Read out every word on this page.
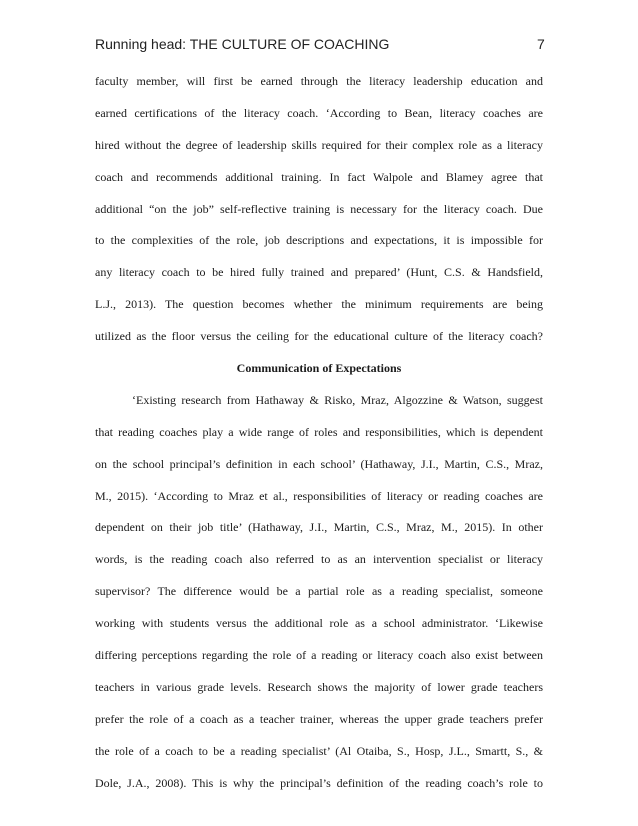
Running head: THE CULTURE OF COACHING	7
faculty member, will first be earned through the literacy leadership education and
earned certifications of the literacy coach. ‘According to Bean, literacy coaches are
hired without the degree of leadership skills required for their complex role as a literacy
coach and recommends additional training. In fact Walpole and Blamey agree that
additional “on the job” self-reflective training is necessary for the literacy coach. Due
to the complexities of the role, job descriptions and expectations, it is impossible for
any literacy coach to be hired fully trained and prepared’ (Hunt, C.S. & Handsfield,
L.J., 2013). The question becomes whether the minimum requirements are being
utilized as the floor versus the ceiling for the educational culture of the literacy coach?
Communication of Expectations
‘Existing research from Hathaway & Risko, Mraz, Algozzine & Watson, suggest
that reading coaches play a wide range of roles and responsibilities, which is dependent
on the school principal’s definition in each school’ (Hathaway, J.I., Martin, C.S., Mraz,
M., 2015). ‘According to Mraz et al., responsibilities of literacy or reading coaches are
dependent on their job title’ (Hathaway, J.I., Martin, C.S., Mraz, M., 2015). In other
words, is the reading coach also referred to as an intervention specialist or literacy
supervisor? The difference would be a partial role as a reading specialist, someone
working with students versus the additional role as a school administrator. ‘Likewise
differing perceptions regarding the role of a reading or literacy coach also exist between
teachers in various grade levels. Research shows the majority of lower grade teachers
prefer the role of a coach as a teacher trainer, whereas the upper grade teachers prefer
the role of a coach to be a reading specialist’ (Al Otaiba, S., Hosp, J.L., Smartt, S., &
Dole, J.A., 2008). This is why the principal’s definition of the reading coach’s role to
